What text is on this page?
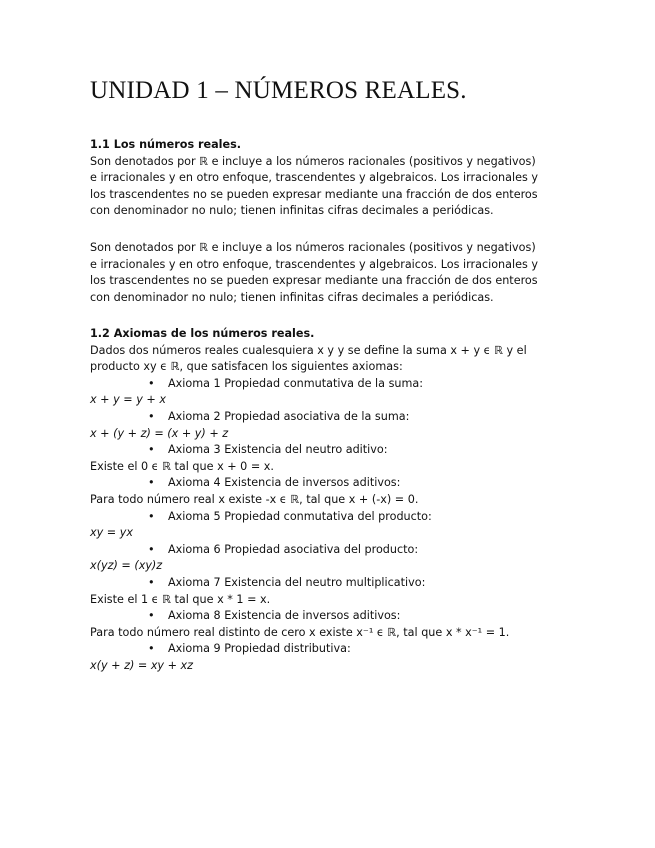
UNIDAD 1 – NÚMEROS REALES.

1.1 Los números reales.

Son denotados por ℝ e incluye a los números racionales (positivos y negativos) e irracionales y en otro enfoque, trascendentes y algebraicos. Los irracionales y los trascendentes no se pueden expresar mediante una fracción de dos enteros con denominador no nulo; tienen infinitas cifras decimales a periódicas.

Son denotados por ℝ e incluye a los números racionales (positivos y negativos) e irracionales y en otro enfoque, trascendentes y algebraicos. Los irracionales y los trascendentes no se pueden expresar mediante una fracción de dos enteros con denominador no nulo; tienen infinitas cifras decimales a periódicas.

1.2 Axiomas de los números reales.

Dados dos números reales cualesquiera x y y se define la suma x + y ϵ ℝ y el producto xy ϵ ℝ, que satisfacen los siguientes axiomas:

•	Axioma 1 Propiedad conmutativa de la suma:

x + y = y + x

•	Axioma 2 Propiedad asociativa de la suma:

x + (y + z) = (x + y) + z

•	Axioma 3 Existencia del neutro aditivo:

Existe el 0 ϵ ℝ tal que x + 0 = x.

•	Axioma 4 Existencia de inversos aditivos:

Para todo número real x existe -x ϵ ℝ, tal que x + (-x) = 0.

•	Axioma 5 Propiedad conmutativa del producto:

xy = yx

•	Axioma 6 Propiedad asociativa del producto:

x(yz) = (xy)z

•	Axioma 7 Existencia del neutro multiplicativo:

Existe el 1 ϵ ℝ tal que x * 1 = x.

•	Axioma 8 Existencia de inversos aditivos:

Para todo número real distinto de cero x existe x⁻¹ ϵ ℝ, tal que x * x⁻¹ = 1.

•	Axioma 9 Propiedad distributiva:

x(y + z) = xy + xz
